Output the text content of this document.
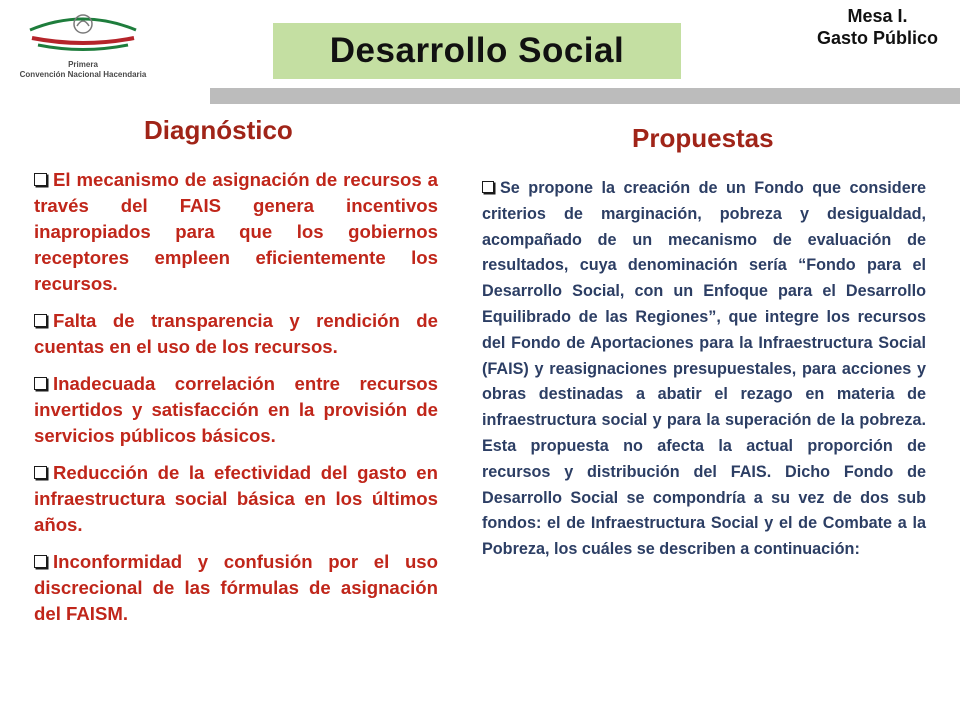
Primera
Convención Nacional Hacendaria
Desarrollo Social
Mesa I.
Gasto Público
Diagnóstico	Propuestas

El mecanismo de asignación de recursos a través del FAIS genera incentivos inapropiados para que los gobiernos receptores empleen eficientemente los recursos.

Falta de transparencia y rendición de cuentas en el uso de los recursos.

Inadecuada correlación entre recursos invertidos y satisfacción en la provisión de servicios públicos básicos.

Reducción de la efectividad del gasto en infraestructura social básica en los últimos años.

Inconformidad y confusión por el uso discrecional de las fórmulas de asignación del FAISM.

Se propone la creación de un Fondo que considere criterios de marginación, pobreza y desigualdad, acompañado de un mecanismo de evaluación de resultados, cuya denominación sería “Fondo para el Desarrollo Social, con un Enfoque para el Desarrollo Equilibrado de las Regiones”, que integre los recursos del Fondo de Aportaciones para la Infraestructura Social (FAIS) y reasignaciones presupuestales, para acciones y obras destinadas a abatir el rezago en materia de infraestructura social y para la superación de la pobreza. Esta propuesta no afecta la actual proporción de recursos y distribución del FAIS. Dicho Fondo de Desarrollo Social se compondría a su vez de dos sub fondos: el de Infraestructura Social y el de Combate a la Pobreza, los cuáles se describen a continuación:
